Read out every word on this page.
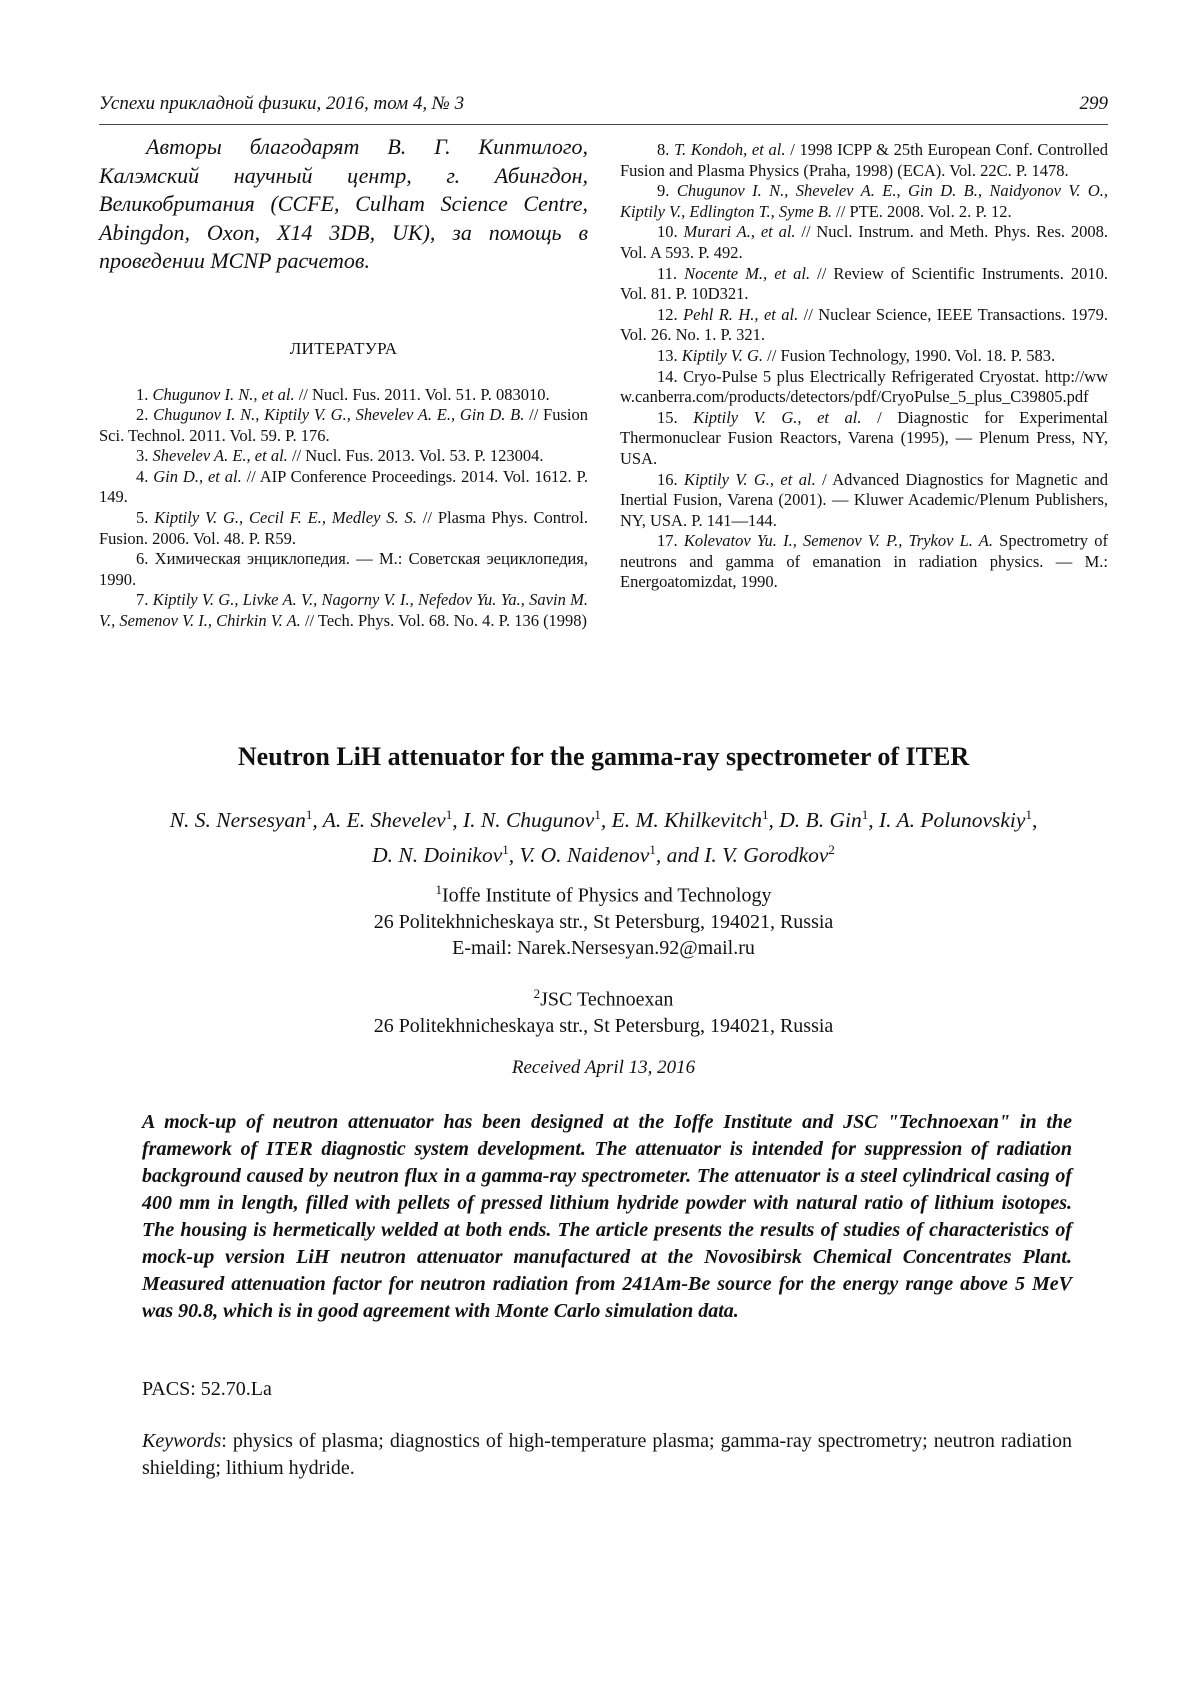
Успехи прикладной физики, 2016, том 4, № 3	299

Авторы благодарят В. Г. Киптилого, Калэмский научный центр, г. Абингдон, Великобритания (CCFE, Culham Science Centre, Abingdon, Oxon, X14 3DB, UK), за помощь в проведении MCNP расчетов.

ЛИТЕРАТУРА

1. Chugunov I. N., et al. // Nucl. Fus. 2011. Vol. 51. P. 083010.

2. Chugunov I. N., Kiptily V. G., Shevelev A. E., Gin D. B. // Fusion Sci. Technol. 2011. Vol. 59. P. 176.

3. Shevelev A. E., et al. // Nucl. Fus. 2013. Vol. 53. P. 123004.

4. Gin D., et al. // AIP Conference Proceedings. 2014. Vol. 1612. P. 149.

5. Kiptily V. G., Cecil F. E., Medley S. S. // Plasma Phys. Control. Fusion. 2006. Vol. 48. P. R59.

6. Химическая энциклопедия. — М.: Советская эециклопедия, 1990.

7. Kiptily V. G., Livke A. V., Nagorny V. I., Nefedov Yu. Ya., Savin M. V., Semenov V. I., Chirkin V. A. // Tech. Phys. Vol. 68. No. 4. P. 136 (1998)

8. T. Kondoh, et al. / 1998 ICPP & 25th European Conf. Controlled Fusion and Plasma Physics (Praha, 1998) (ECA). Vol. 22C. P. 1478.

9. Chugunov I. N., Shevelev A. E., Gin D. B., Naidyonov V. O., Kiptily V., Edlington T., Syme B. // PTE. 2008. Vol. 2. P. 12.

10. Murari A., et al. // Nucl. Instrum. and Meth. Phys. Res. 2008. Vol. A 593. P. 492.

11. Nocente M., et al. // Review of Scientific Instruments. 2010. Vol. 81. P. 10D321.

12. Pehl R. H., et al. // Nuclear Science, IEEE Transactions. 1979. Vol. 26. No. 1. P. 321.

13. Kiptily V. G. // Fusion Technology, 1990. Vol. 18. P. 583.

14. Cryo-Pulse 5 plus Electrically Refrigerated Cryostat. http://www.canberra.com/products/detectors/pdf/CryoPulse_5_plus_C39805.pdf

15. Kiptily V. G., et al. / Diagnostic for Experimental Thermonuclear Fusion Reactors, Varena (1995), — Plenum Press, NY, USA.

16. Kiptily V. G., et al. / Advanced Diagnostics for Magnetic and Inertial Fusion, Varena (2001). — Kluwer Academic/Plenum Publishers, NY, USA. P. 141—144.

17. Kolevatov Yu. I., Semenov V. P., Trykov L. A. Spectrometry of neutrons and gamma of emanation in radiation physics. — M.: Energoatomizdat, 1990.

Neutron LiH attenuator for the gamma-ray spectrometer of ITER
N. S. Nersesyan$^1$, A. E. Shevelev$^1$, I. N. Chugunov$^1$, E. M. Khilkevitch$^1$, D. B. Gin$^1$, I. A. Polunovskiy$^1$,
D. N. Doinikov$^1$, V. O. Naidenov$^1$, and I. V. Gorodkov$^2$
$^1$Ioffe Institute of Physics and Technology
26 Politekhnicheskaya str., St Petersburg, 194021, Russia
E-mail: Narek.Nersesyan.92@mail.ru
$^2$JSC Technoexan
26 Politekhnicheskaya str., St Petersburg, 194021, Russia
Received April 13, 2016

A mock-up of neutron attenuator has been designed at the Ioffe Institute and JSC "Technoexan" in the framework of ITER diagnostic system development. The attenuator is intended for suppression of radiation background caused by neutron flux in a gamma-ray spectrometer. The attenuator is a steel cylindrical casing of 400 mm in length, filled with pellets of pressed lithium hydride powder with natural ratio of lithium isotopes. The housing is hermetically welded at both ends. The article presents the results of studies of characteristics of mock-up version LiH neutron attenuator manufactured at the Novosibirsk Chemical Concentrates Plant. Measured attenuation factor for neutron radiation from 241Am-Be source for the energy range above 5 MeV was 90.8, which is in good agreement with Monte Carlo simulation data.

PACS: 52.70.La

Keywords: physics of plasma; diagnostics of high-temperature plasma; gamma-ray spectrometry; neutron radiation shielding; lithium hydride.
